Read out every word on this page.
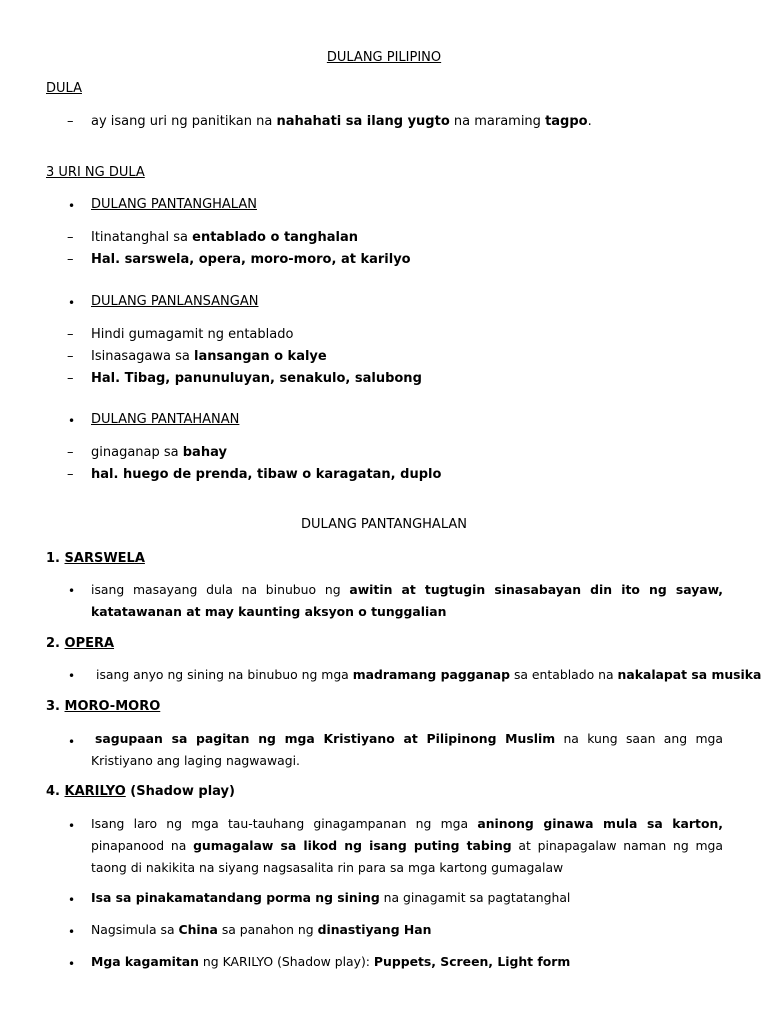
DULANG PILIPINO
DULA
– ay isang uri ng panitikan na nahahati sa ilang yugto na maraming tagpo.
3 URI NG DULA
• DULANG PANTANGHALAN
– Itinatanghal sa entablado o tanghalan
– Hal. sarswela, opera, moro-moro, at karilyo
• DULANG PANLANSANGAN
– Hindi gumagamit ng entablado
– Isinasagawa sa lansangan o kalye
– Hal. Tibag, panunuluyan, senakulo, salubong
• DULANG PANTAHANAN
– ginaganap sa bahay
– hal. huego de prenda, tibaw o karagatan, duplo
DULANG PANTANGHALAN
1. SARSWELA
• isang masayang dula na binubuo ng awitin at tugtugin sinasabayan din ito ng sayaw, katatawanan at may kaunting aksyon o tunggalian
2. OPERA
• isang anyo ng sining na binubuo ng mga madramang pagganap sa entablado na nakalapat sa musika
3. MORO-MORO
•	sagupaan sa pagitan ng mga Kristiyano at Pilipinong Muslim na kung saan ang mga Kristiyano ang laging nagwawagi.
4. KARILYO (Shadow play)
• Isang laro ng mga tau-tauhang ginagampanan ng mga aninong ginawa mula sa karton, pinapanood na gumagalaw sa likod ng isang puting tabing at pinapagalaw naman ng mga taong di nakikita na siyang nagsasalita rin para sa mga kartong gumagalaw
• Isa sa pinakamatandang porma ng sining na ginagamit sa pagtatanghal
• Nagsimula sa China sa panahon ng dinastiyang Han
• Mga kagamitan ng KARILYO (Shadow play): Puppets, Screen, Light form
